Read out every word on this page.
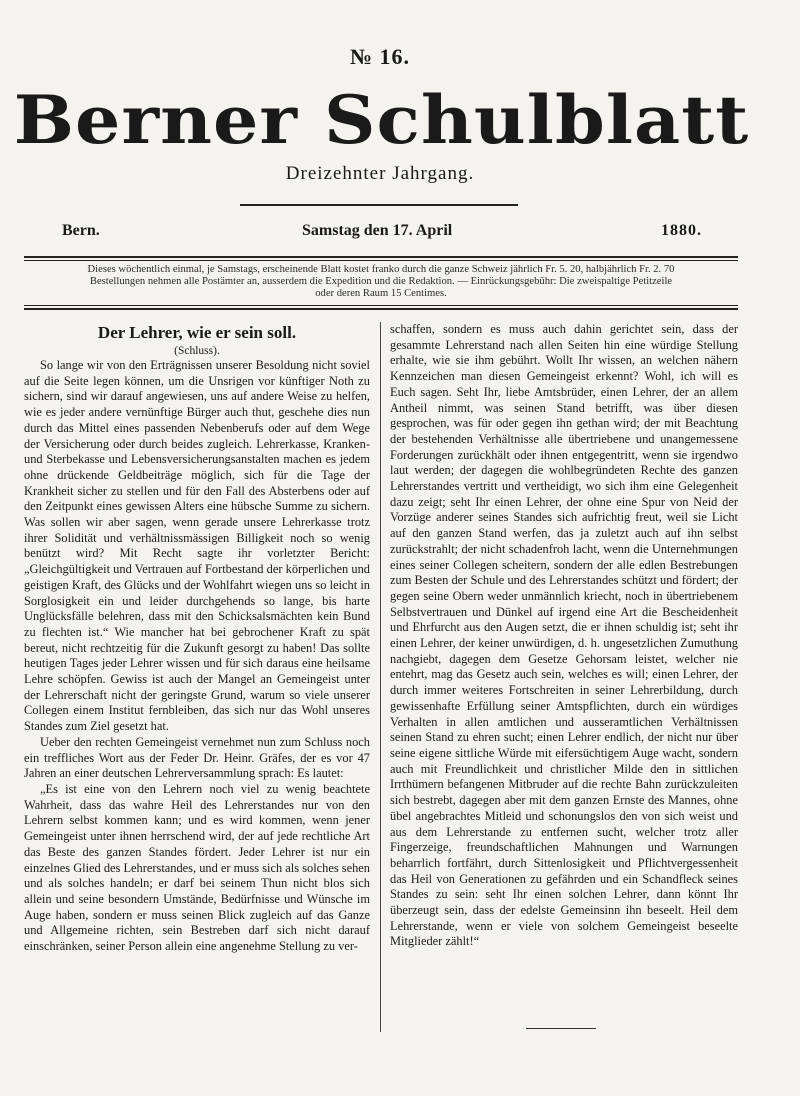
№ 16.
Berner Schulblatt
Dreizehnter Jahrgang.
Bern.	Samstag den 17. April	1880.
Dieses wöchentlich einmal, je Samstags, erscheinende Blatt kostet franko durch die ganze Schweiz jährlich Fr. 5. 20, halbjährlich Fr. 2. 70
Bestellungen nehmen alle Postämter an, ausserdem die Expedition und die Redaktion. — Einrückungsgebühr: Die zweispaltige Petitzeile
oder deren Raum 15 Centimes.

Der Lehrer, wie er sein soll.

(Schluss).

So lange wir von den Erträgnissen unserer Besoldung nicht soviel auf die Seite legen können, um die Unsrigen vor künftiger Noth zu sichern, sind wir darauf angewiesen, uns auf andere Weise zu helfen, wie es jeder andere vernünftige Bürger auch thut, geschehe dies nun durch das Mittel eines passenden Nebenberufs oder auf dem Wege der Versicherung oder durch beides zugleich. Lehrerkasse, Kranken- und Sterbekasse und Lebensversicherungsanstalten machen es jedem ohne drückende Geldbeiträge möglich, sich für die Tage der Krankheit sicher zu stellen und für den Fall des Absterbens oder auf den Zeitpunkt eines gewissen Alters eine hübsche Summe zu sichern. Was sollen wir aber sagen, wenn gerade unsere Lehrerkasse trotz ihrer Solidität und verhältnissmässigen Billigkeit noch so wenig benützt wird? Mit Recht sagte ihr vorletzter Bericht: „Gleichgültigkeit und Vertrauen auf Fortbestand der körperlichen und geistigen Kraft, des Glücks und der Wohlfahrt wiegen uns so leicht in Sorglosigkeit ein und leider durchgehends so lange, bis harte Unglücksfälle belehren, dass mit den Schicksalsmächten kein Bund zu flechten ist.“ Wie mancher hat bei gebrochener Kraft zu spät bereut, nicht rechtzeitig für die Zukunft gesorgt zu haben! Das sollte heutigen Tages jeder Lehrer wissen und für sich daraus eine heilsame Lehre schöpfen. Gewiss ist auch der Mangel an Gemeingeist unter der Lehrerschaft nicht der geringste Grund, warum so viele unserer Collegen einem Institut fernbleiben, das sich nur das Wohl unseres Standes zum Ziel gesetzt hat.

Ueber den rechten Gemeingeist vernehmet nun zum Schluss noch ein treffliches Wort aus der Feder Dr. Heinr. Gräfes, der es vor 47 Jahren an einer deutschen Lehrerversammlung sprach: Es lautet:

„Es ist eine von den Lehrern noch viel zu wenig beachtete Wahrheit, dass das wahre Heil des Lehrerstandes nur von den Lehrern selbst kommen kann; und es wird kommen, wenn jener Gemeingeist unter ihnen herrschend wird, der auf jede rechtliche Art das Beste des ganzen Standes fördert. Jeder Lehrer ist nur ein einzelnes Glied des Lehrerstandes, und er muss sich als solches sehen und als solches handeln; er darf bei seinem Thun nicht blos sich allein und seine besondern Umstände, Bedürfnisse und Wünsche im Auge haben, sondern er muss seinen Blick zugleich auf das Ganze und Allgemeine richten, sein Bestreben darf sich nicht darauf einschränken, seiner Person allein eine angenehme Stellung zu ver-

schaffen, sondern es muss auch dahin gerichtet sein, dass der gesammte Lehrerstand nach allen Seiten hin eine würdige Stellung erhalte, wie sie ihm gebührt. Wollt Ihr wissen, an welchen nähern Kennzeichen man diesen Gemeingeist erkennt? Wohl, ich will es Euch sagen. Seht Ihr, liebe Amtsbrüder, einen Lehrer, der an allem Antheil nimmt, was seinen Stand betrifft, was über diesen gesprochen, was für oder gegen ihn gethan wird; der mit Beachtung der bestehenden Verhältnisse alle übertriebene und unangemessene Forderungen zurückhält oder ihnen entgegentritt, wenn sie irgendwo laut werden; der dagegen die wohlbegründeten Rechte des ganzen Lehrerstandes vertritt und vertheidigt, wo sich ihm eine Gelegenheit dazu zeigt; seht Ihr einen Lehrer, der ohne eine Spur von Neid der Vorzüge anderer seines Standes sich aufrichtig freut, weil sie Licht auf den ganzen Stand werfen, das ja zuletzt auch auf ihn selbst zurückstrahlt; der nicht schadenfroh lacht, wenn die Unternehmungen eines seiner Collegen scheitern, sondern der alle edlen Bestrebungen zum Besten der Schule und des Lehrerstandes schützt und fördert; der gegen seine Obern weder unmännlich kriecht, noch in übertriebenem Selbstvertrauen und Dünkel auf irgend eine Art die Bescheidenheit und Ehrfurcht aus den Augen setzt, die er ihnen schuldig ist; seht ihr einen Lehrer, der keiner unwürdigen, d. h. ungesetzlichen Zumuthung nachgiebt, dagegen dem Gesetze Gehorsam leistet, welcher nie entehrt, mag das Gesetz auch sein, welches es will; einen Lehrer, der durch immer weiteres Fortschreiten in seiner Lehrerbildung, durch gewissenhafte Erfüllung seiner Amtspflichten, durch ein würdiges Verhalten in allen amtlichen und ausseramtlichen Verhältnissen seinen Stand zu ehren sucht; einen Lehrer endlich, der nicht nur über seine eigene sittliche Würde mit eifersüchtigem Auge wacht, sondern auch mit Freundlichkeit und christlicher Milde den in sittlichen Irrthümern befangenen Mitbruder auf die rechte Bahn zurückzuleiten sich bestrebt, dagegen aber mit dem ganzen Ernste des Mannes, ohne übel angebrachtes Mitleid und schonungslos den von sich weist und aus dem Lehrerstande zu entfernen sucht, welcher trotz aller Fingerzeige, freundschaftlichen Mahnungen und Warnungen beharrlich fortfährt, durch Sittenlosigkeit und Pflichtvergessenheit das Heil von Generationen zu gefährden und ein Schandfleck seines Standes zu sein: seht Ihr einen solchen Lehrer, dann könnt Ihr überzeugt sein, dass der edelste Gemeinsinn ihn beseelt. Heil dem Lehrerstande, wenn er viele von solchem Gemeingeist beseelte Mitglieder zählt!“
